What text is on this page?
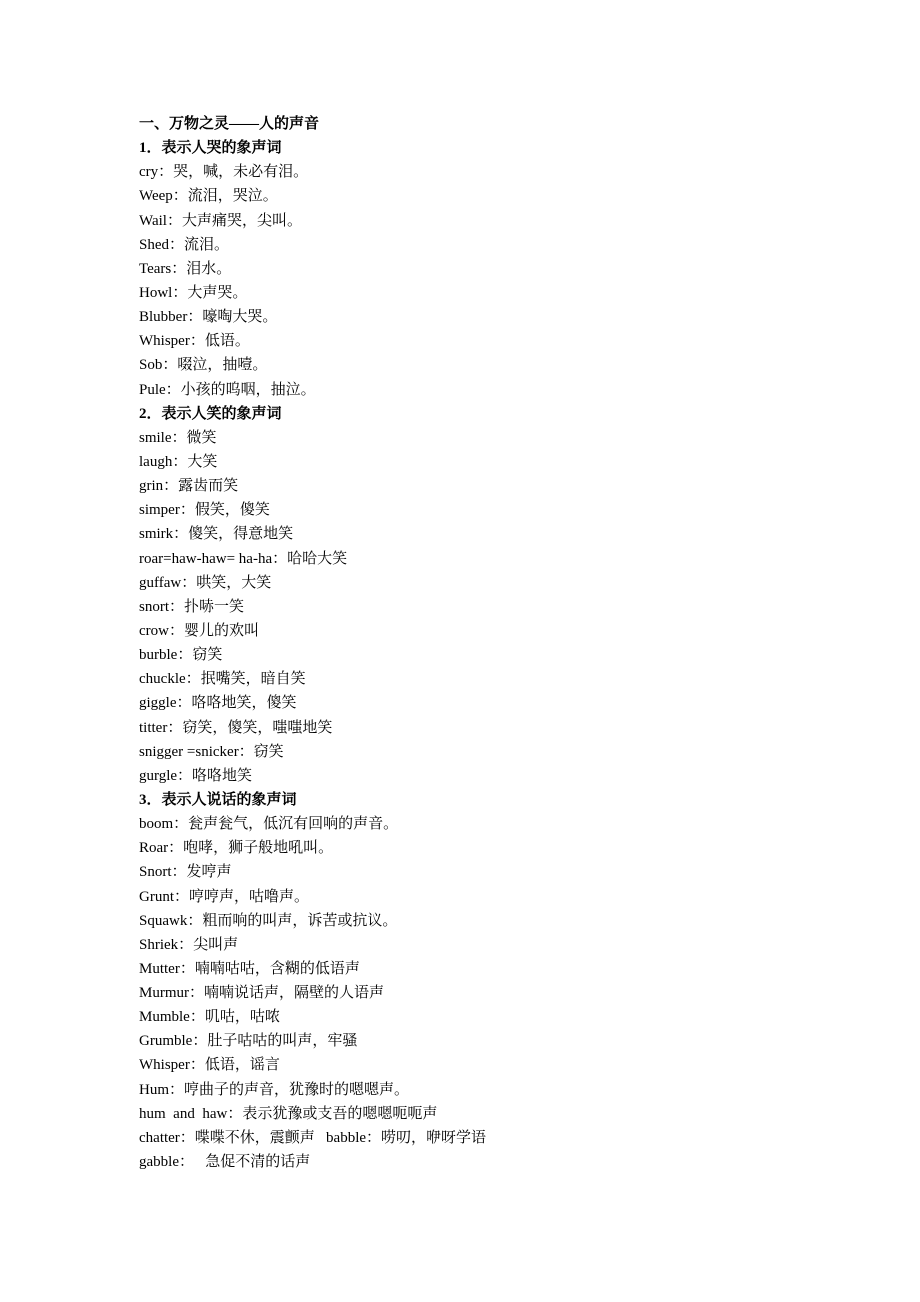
一、万物之灵——人的声音
1．表示人哭的象声词
cry：哭，喊，未必有泪。
Weep：流泪，哭泣。
Wail：大声痛哭，尖叫。
Shed：流泪。
Tears：泪水。
Howl：大声哭。
Blubber：嚎啕大哭。
Whisper：低语。
Sob：啜泣，抽噎。
Pule：小孩的呜咽，抽泣。
2．表示人笑的象声词
smile：微笑
laugh：大笑
grin：露齿而笑
simper：假笑，傻笑
smirk：傻笑，得意地笑
roar=haw-haw= ha-ha：哈哈大笑
guffaw：哄笑，大笑
snort：扑哧一笑
crow：婴儿的欢叫
burble：窃笑
chuckle：抿嘴笑，暗自笑
giggle：咯咯地笑，傻笑
titter：窃笑，傻笑，嗤嗤地笑
snigger =snicker：窃笑
gurgle：咯咯地笑
3．表示人说话的象声词
boom：瓮声瓮气，低沉有回响的声音。
Roar：咆哮，狮子般地吼叫。
Snort：发哼声
Grunt：哼哼声，咕噜声。
Squawk：粗而响的叫声，诉苦或抗议。
Shriek：尖叫声
Mutter：喃喃咕咕，含糊的低语声
Murmur：喃喃说话声，隔壁的人语声
Mumble：叽咕，咕哝
Grumble：肚子咕咕的叫声，牢骚
Whisper：低语，谣言
Hum：哼曲子的声音，犹豫时的嗯嗯声。
hum  and  haw：表示犹豫或支吾的嗯嗯呃呃声
chatter：喋喋不休，震颤声   babble：唠叨，咿呀学语
gabble：   急促不清的话声
